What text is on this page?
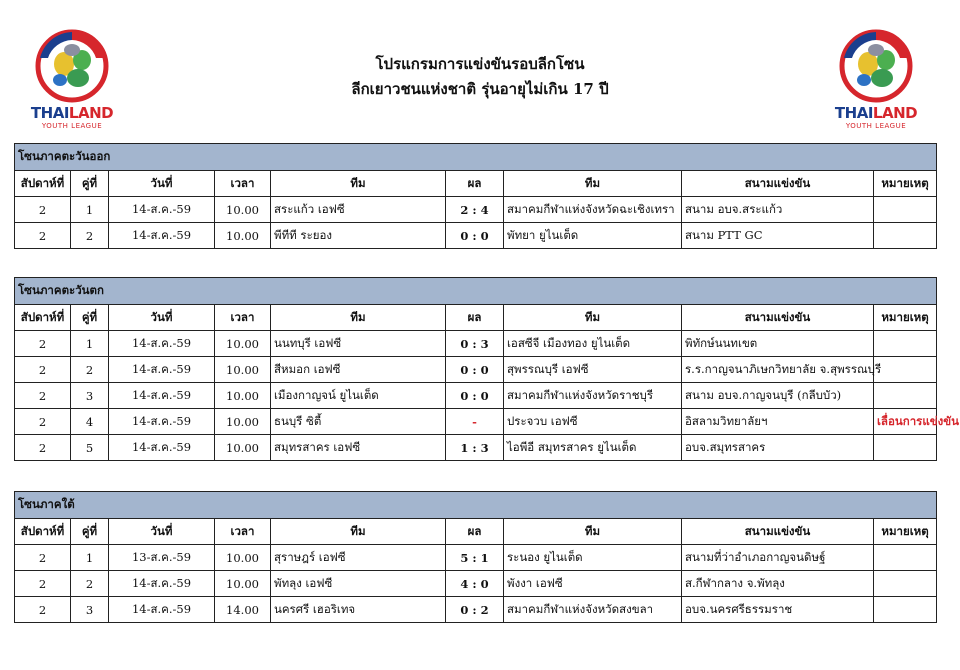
THAILAND
YOUTH LEAGUE
THAILAND
YOUTH LEAGUE
โปรแกรมการแข่งขันรอบลีกโซน
ลีกเยาวชนแห่งชาติ รุ่นอายุไม่เกิน 17 ปี
โซนภาคตะวันออก								
สัปดาห์ที่	คู่ที่	วันที่	เวลา	ทีม	ผล	ทีม	สนามแข่งขัน	หมายเหตุ
2	1	14-ส.ค.-59	10.00	สระแก้ว เอฟซี	2 : 4	สมาคมกีฬาแห่งจังหวัดฉะเชิงเทรา	สนาม อบจ.สระแก้ว	
2	2	14-ส.ค.-59	10.00	พีทีที ระยอง	0 : 0	พัทยา ยูไนเต็ด	สนาม PTT GC	
โซนภาคตะวันตก								
สัปดาห์ที่	คู่ที่	วันที่	เวลา	ทีม	ผล	ทีม	สนามแข่งขัน	หมายเหตุ
2	1	14-ส.ค.-59	10.00	นนทบุรี เอฟซี	0 : 3	เอสซีจี เมืองทอง ยูไนเต็ด	พิทักษ์นนทเขต	
2	2	14-ส.ค.-59	10.00	สีหมอก เอฟซี	0 : 0	สุพรรณบุรี เอฟซี	ร.ร.กาญจนาภิเษกวิทยาลัย จ.สุพรรณบุรี	
2	3	14-ส.ค.-59	10.00	เมืองกาญจน์ ยูไนเต็ด	0 : 0	สมาคมกีฬาแห่งจังหวัดราชบุรี	สนาม อบจ.กาญจนบุรี (กลีบบัว)	
2	4	14-ส.ค.-59	10.00	ธนบุรี ซิตี้	-	ประจวบ เอฟซี	อิสลามวิทยาลัยฯ	เลื่อนการแข่งขัน
2	5	14-ส.ค.-59	10.00	สมุทรสาคร เอฟซี	1 : 3	ไอพีอี สมุทรสาคร ยูไนเต็ด	อบจ.สมุทรสาคร	
โซนภาคใต้								
สัปดาห์ที่	คู่ที่	วันที่	เวลา	ทีม	ผล	ทีม	สนามแข่งขัน	หมายเหตุ
2	1	13-ส.ค.-59	10.00	สุราษฎร์ เอฟซี	5 : 1	ระนอง ยูไนเต็ด	สนามที่ว่าอำเภอกาญจนดิษฐ์	
2	2	14-ส.ค.-59	10.00	พัทลุง เอฟซี	4 : 0	พังงา เอฟซี	ส.กีฬากลาง จ.พัทลุง	
2	3	14-ส.ค.-59	14.00	นครศรี เฮอริเทจ	0 : 2	สมาคมกีฬาแห่งจังหวัดสงขลา	อบจ.นครศรีธรรมราช	
